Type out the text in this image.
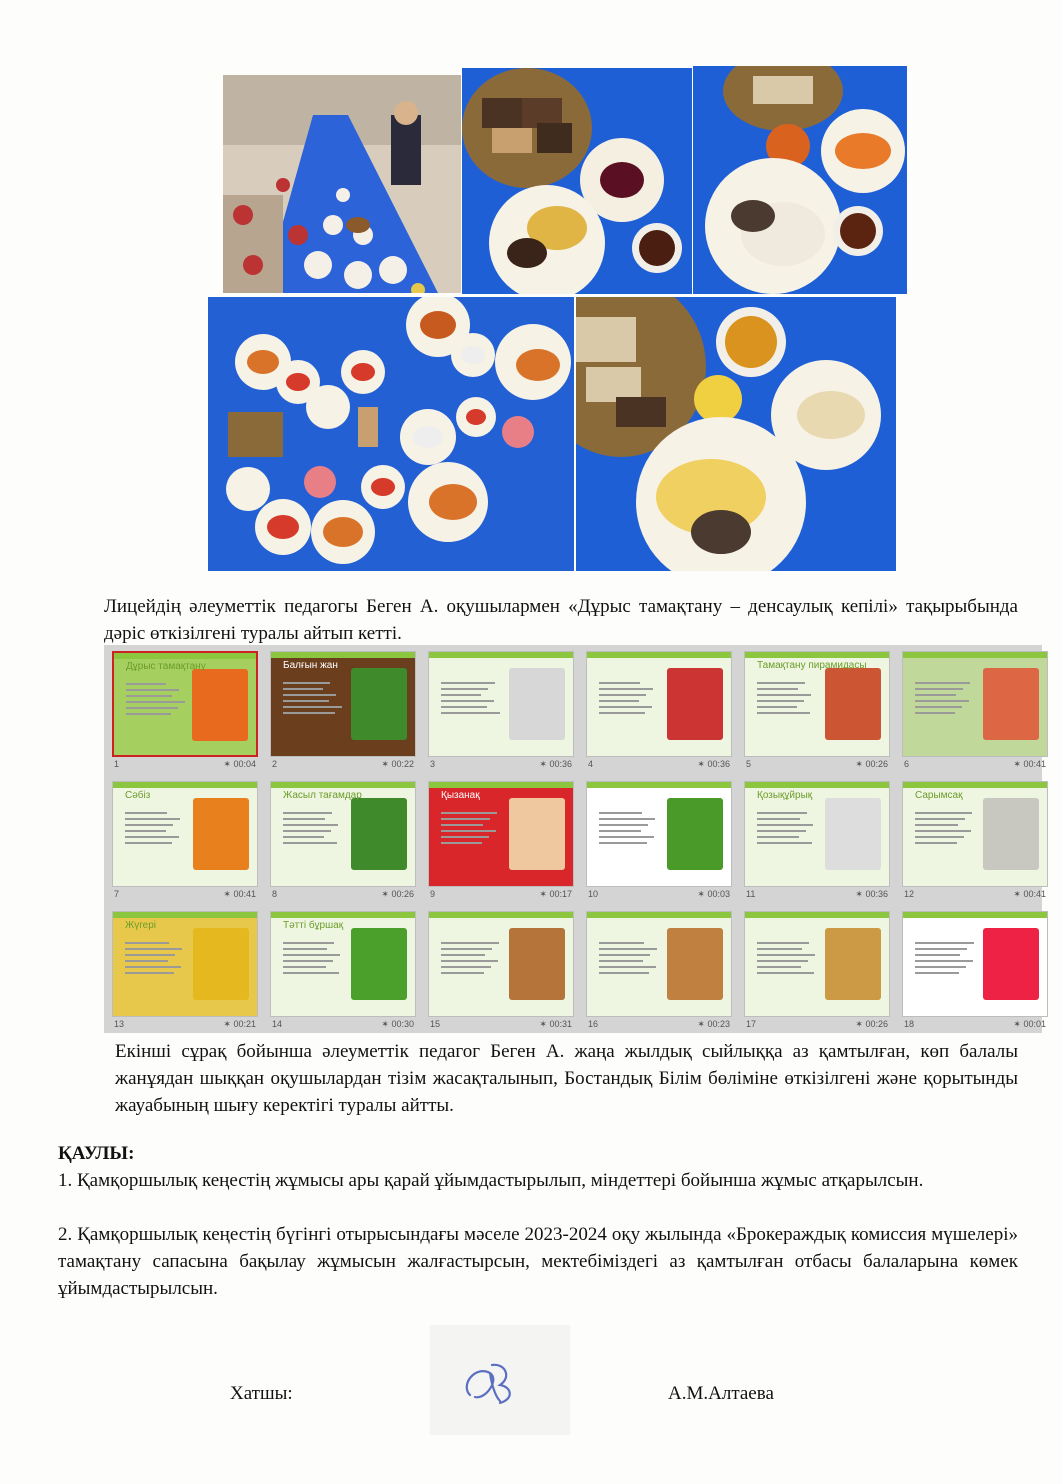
Лицейдің әлеуметтік педагогы Беген А. оқушылармен «Дұрыс тамақтану – денсаулық кепілі» тақырыбында дәріс өткізілгені туралы айтып кетті.
Дұрыс тамақтану
1	✶ 00:04
Балғын жан
2	✶ 00:22 3	✶ 00:36 4	✶ 00:36
Тамақтану пирамидасы
5	✶ 00:26 6	✶ 00:41
Сәбіз
7	✶ 00:41
Жасыл тағамдар
8	✶ 00:26
Қызанақ
9	✶ 00:17 10	✶ 00:03
Қозықұйрық
11	✶ 00:36
Сарымсақ
12	✶ 00:41
Жүгері
13	✶ 00:21
Тәтті бұршақ
14	✶ 00:30 15	✶ 00:31 16	✶ 00:23 17	✶ 00:26 18	✶ 00:01
Екінші сұрақ бойынша әлеуметтік педагог Беген А. жаңа жылдық сыйлыққа аз қамтылған, көп балалы жанұядан шыққан оқушылардан тізім жасақталынып, Бостандық Білім бөліміне өткізілгені және қорытынды жауабының шығу керектігі туралы айтты.
ҚАУЛЫ:
1. Қамқоршылық кеңестің жұмысы ары қарай ұйымдастырылып, міндеттері бойынша жұмыс атқарылсын.
2. Қамқоршылық кеңестің бүгінгі отырысындағы мәселе 2023-2024 оқу жылында «Брокераждық комиссия мүшелері» тамақтану сапасына бақылау жұмысын жалғастырсын, мектебіміздегі аз қамтылған отбасы балаларына көмек ұйымдастырылсын.
Хатшы:	А.М.Алтаева
